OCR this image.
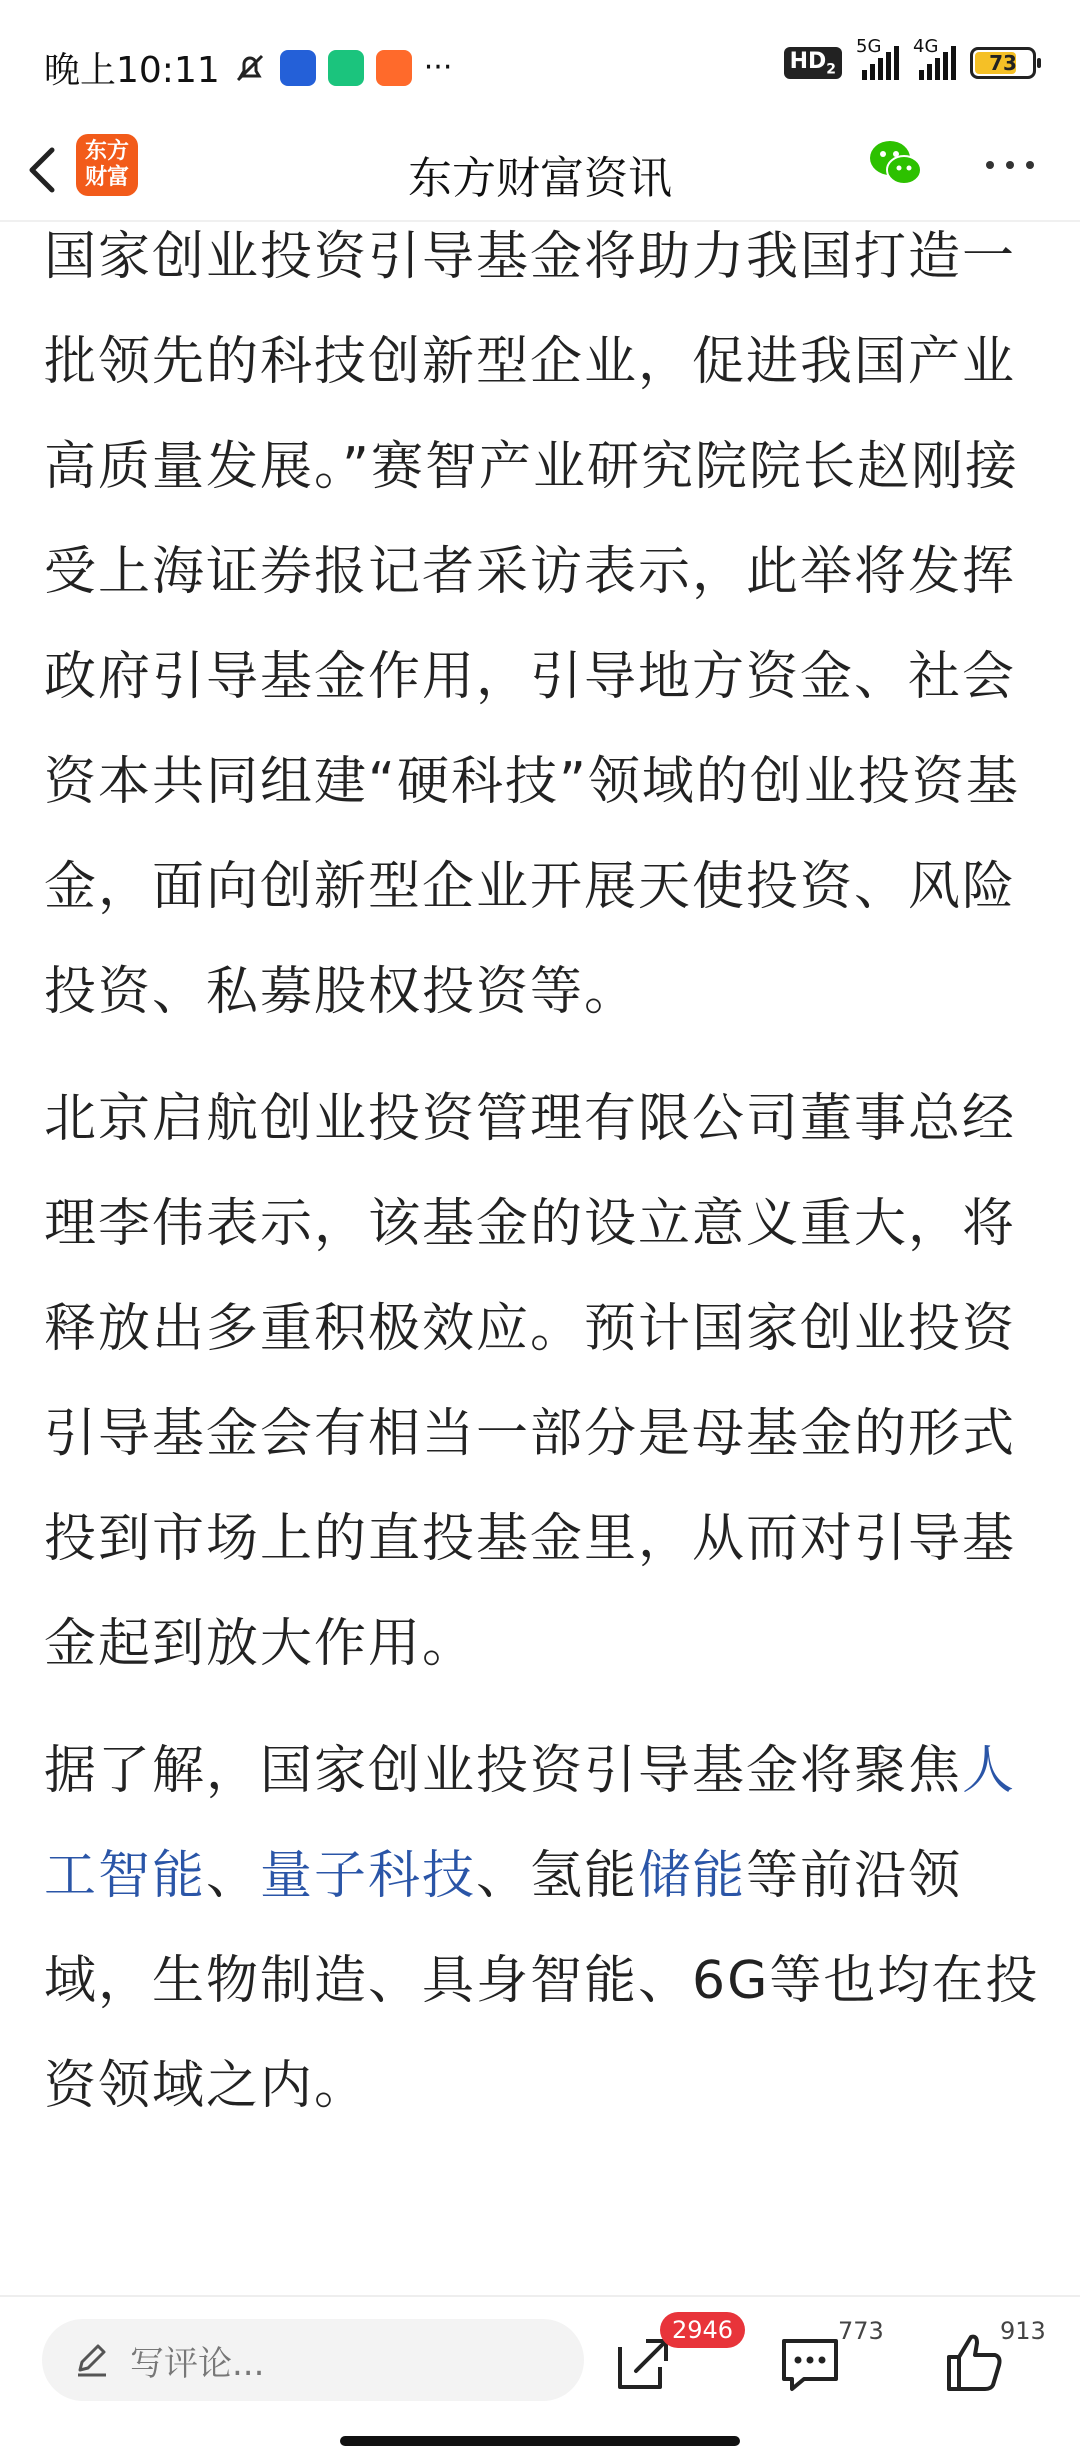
晚上10:11	···	$HD_2$
5G 4G
73

国家创业投资引导基金将助力我国打造一批领先的科技创新型企业，促进我国产业高质量发展。”赛智产业研究院院长赵刚接受上海证券报记者采访表示，此举将发挥政府引导基金作用，引导地方资金、社会资本共同组建“硬科技”领域的创业投资基金，面向创新型企业开展天使投资、风险投资、私募股权投资等。

北京启航创业投资管理有限公司董事总经理李伟表示，该基金的设立意义重大，将释放出多重积极效应。预计国家创业投资引导基金会有相当一部分是母基金的形式投到市场上的直投基金里，从而对引导基金起到放大作用。

据了解，国家创业投资引导基金将聚焦人工智能、量子科技、氢能储能等前沿领域，生物制造、具身智能、6G等也均在投资领域之内。

东方
财富	东方财富资讯
写评论...
2946	773	913
